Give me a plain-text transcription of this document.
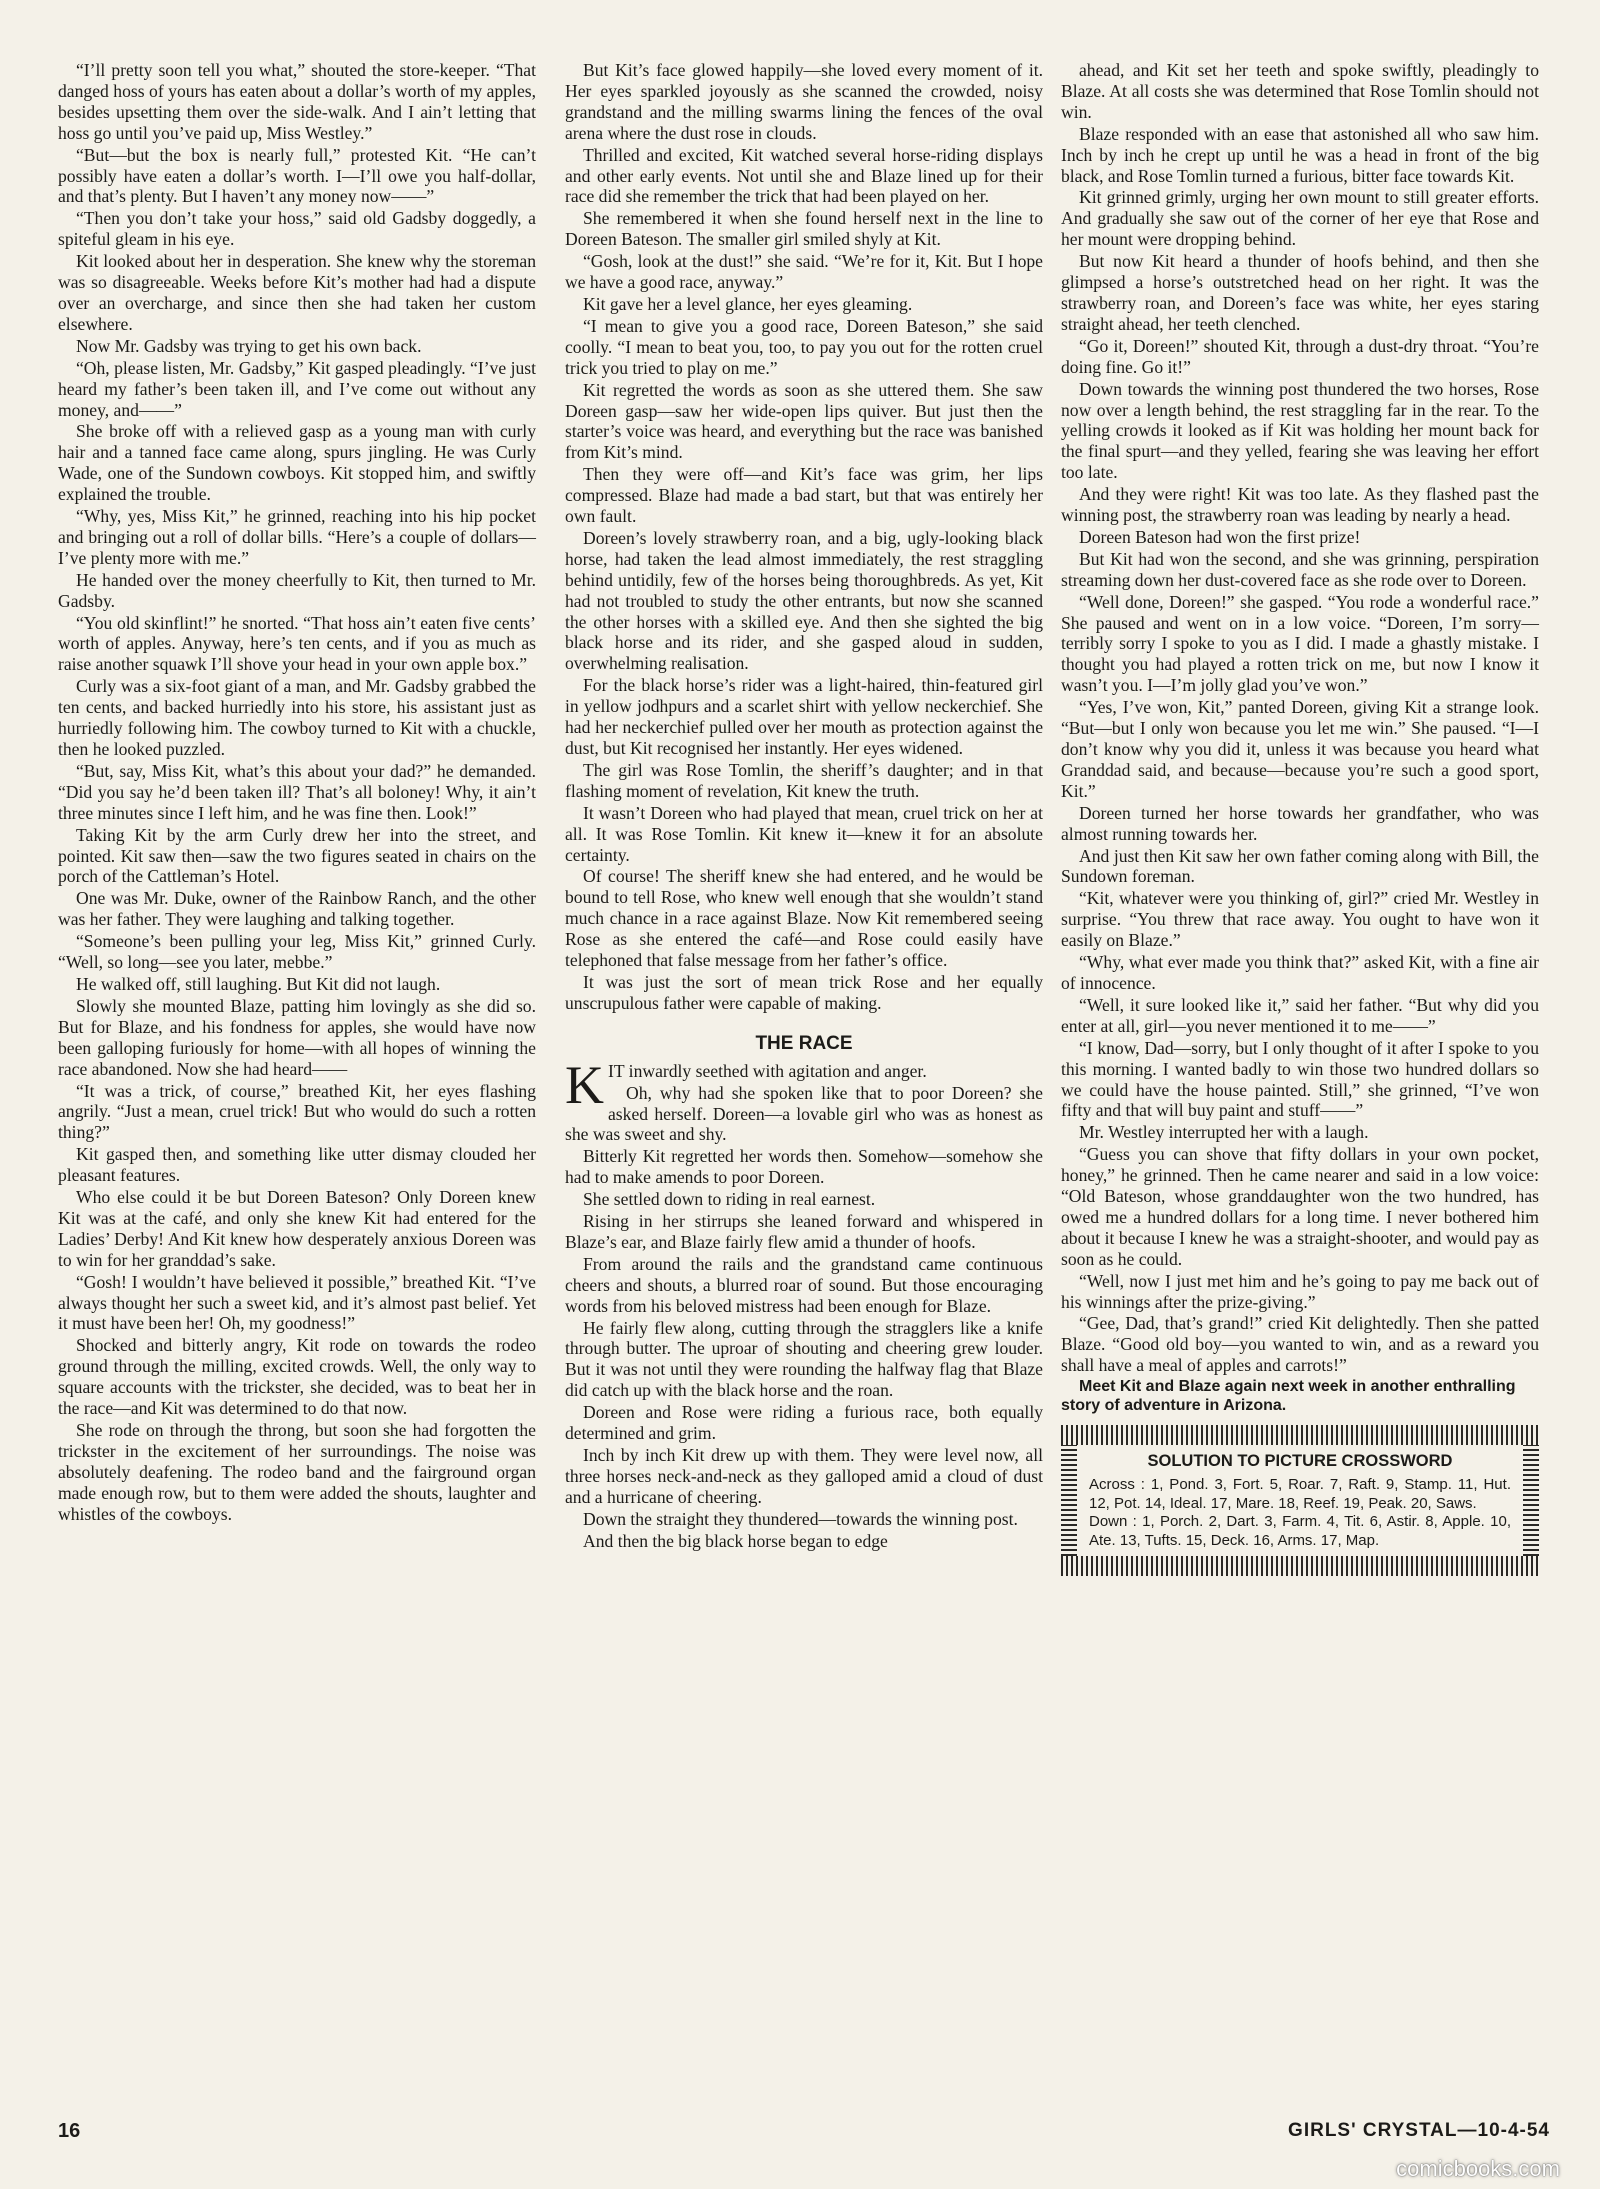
“I’ll pretty soon tell you what,” shouted the store-keeper. “That danged hoss of yours has eaten about a dollar’s worth of my apples, besides upsetting them over the side-walk. And I ain’t letting that hoss go until you’ve paid up, Miss Westley.”

“But—but the box is nearly full,” protested Kit. “He can’t possibly have eaten a dollar’s worth. I—I’ll owe you half-dollar, and that’s plenty. But I haven’t any money now——”

“Then you don’t take your hoss,” said old Gadsby doggedly, a spiteful gleam in his eye.

Kit looked about her in desperation. She knew why the storeman was so disagreeable. Weeks before Kit’s mother had had a dispute over an overcharge, and since then she had taken her custom elsewhere.

Now Mr. Gadsby was trying to get his own back.

“Oh, please listen, Mr. Gadsby,” Kit gasped pleadingly. “I’ve just heard my father’s been taken ill, and I’ve come out without any money, and——”

She broke off with a relieved gasp as a young man with curly hair and a tanned face came along, spurs jingling. He was Curly Wade, one of the Sundown cowboys. Kit stopped him, and swiftly explained the trouble.

“Why, yes, Miss Kit,” he grinned, reaching into his hip pocket and bringing out a roll of dollar bills. “Here’s a couple of dollars—I’ve plenty more with me.”

He handed over the money cheerfully to Kit, then turned to Mr. Gadsby.

“You old skinflint!” he snorted. “That hoss ain’t eaten five cents’ worth of apples. Anyway, here’s ten cents, and if you as much as raise another squawk I’ll shove your head in your own apple box.”

Curly was a six-foot giant of a man, and Mr. Gadsby grabbed the ten cents, and backed hurriedly into his store, his assistant just as hurriedly following him. The cowboy turned to Kit with a chuckle, then he looked puzzled.

“But, say, Miss Kit, what’s this about your dad?” he demanded. “Did you say he’d been taken ill? That’s all boloney! Why, it ain’t three minutes since I left him, and he was fine then. Look!”

Taking Kit by the arm Curly drew her into the street, and pointed. Kit saw then—saw the two figures seated in chairs on the porch of the Cattleman’s Hotel.

One was Mr. Duke, owner of the Rainbow Ranch, and the other was her father. They were laughing and talking together.

“Someone’s been pulling your leg, Miss Kit,” grinned Curly. “Well, so long—see you later, mebbe.”

He walked off, still laughing. But Kit did not laugh.

Slowly she mounted Blaze, patting him lovingly as she did so. But for Blaze, and his fondness for apples, she would have now been galloping furiously for home—with all hopes of winning the race abandoned. Now she had heard——

“It was a trick, of course,” breathed Kit, her eyes flashing angrily. “Just a mean, cruel trick! But who would do such a rotten thing?”

Kit gasped then, and something like utter dismay clouded her pleasant features.

Who else could it be but Doreen Bateson? Only Doreen knew Kit was at the café, and only she knew Kit had entered for the Ladies’ Derby! And Kit knew how desperately anxious Doreen was to win for her granddad’s sake.

“Gosh! I wouldn’t have believed it possible,” breathed Kit. “I’ve always thought her such a sweet kid, and it’s almost past belief. Yet it must have been her! Oh, my goodness!”

Shocked and bitterly angry, Kit rode on towards the rodeo ground through the milling, excited crowds. Well, the only way to square accounts with the trickster, she decided, was to beat her in the race—and Kit was determined to do that now.

She rode on through the throng, but soon she had forgotten the trickster in the excitement of her surroundings. The noise was absolutely deafening. The rodeo band and the fairground organ made enough row, but to them were added the shouts, laughter and whistles of the cowboys.

But Kit’s face glowed happily—she loved every moment of it. Her eyes sparkled joyously as she scanned the crowded, noisy grandstand and the milling swarms lining the fences of the oval arena where the dust rose in clouds.

Thrilled and excited, Kit watched several horse-riding displays and other early events. Not until she and Blaze lined up for their race did she remember the trick that had been played on her.

She remembered it when she found herself next in the line to Doreen Bateson. The smaller girl smiled shyly at Kit.

“Gosh, look at the dust!” she said. “We’re for it, Kit. But I hope we have a good race, anyway.”

Kit gave her a level glance, her eyes gleaming.

“I mean to give you a good race, Doreen Bateson,” she said coolly. “I mean to beat you, too, to pay you out for the rotten cruel trick you tried to play on me.”

Kit regretted the words as soon as she uttered them. She saw Doreen gasp—saw her wide-open lips quiver. But just then the starter’s voice was heard, and everything but the race was banished from Kit’s mind.

Then they were off—and Kit’s face was grim, her lips compressed. Blaze had made a bad start, but that was entirely her own fault.

Doreen’s lovely strawberry roan, and a big, ugly-looking black horse, had taken the lead almost immediately, the rest straggling behind untidily, few of the horses being thoroughbreds. As yet, Kit had not troubled to study the other entrants, but now she scanned the other horses with a skilled eye. And then she sighted the big black horse and its rider, and she gasped aloud in sudden, overwhelming realisation.

For the black horse’s rider was a light-haired, thin-featured girl in yellow jodhpurs and a scarlet shirt with yellow neckerchief. She had her neckerchief pulled over her mouth as protection against the dust, but Kit recognised her instantly. Her eyes widened.

The girl was Rose Tomlin, the sheriff’s daughter; and in that flashing moment of revelation, Kit knew the truth.

It wasn’t Doreen who had played that mean, cruel trick on her at all. It was Rose Tomlin. Kit knew it—knew it for an absolute certainty.

Of course! The sheriff knew she had entered, and he would be bound to tell Rose, who knew well enough that she wouldn’t stand much chance in a race against Blaze. Now Kit remembered seeing Rose as she entered the café—and Rose could easily have telephoned that false message from her father’s office.

It was just the sort of mean trick Rose and her equally unscrupulous father were capable of making.

THE RACE

KIT inwardly seethed with agitation and anger.

Oh, why had she spoken like that to poor Doreen? she asked herself. Doreen—a lovable girl who was as honest as she was sweet and shy.

Bitterly Kit regretted her words then. Somehow—somehow she had to make amends to poor Doreen.

She settled down to riding in real earnest.

Rising in her stirrups she leaned forward and whispered in Blaze’s ear, and Blaze fairly flew amid a thunder of hoofs.

From around the rails and the grandstand came continuous cheers and shouts, a blurred roar of sound. But those encouraging words from his beloved mistress had been enough for Blaze.

He fairly flew along, cutting through the stragglers like a knife through butter. The uproar of shouting and cheering grew louder. But it was not until they were rounding the halfway flag that Blaze did catch up with the black horse and the roan.

Doreen and Rose were riding a furious race, both equally determined and grim.

Inch by inch Kit drew up with them. They were level now, all three horses neck-and-neck as they galloped amid a cloud of dust and a hurricane of cheering.

Down the straight they thundered—towards the winning post.

And then the big black horse began to edge

ahead, and Kit set her teeth and spoke swiftly, pleadingly to Blaze. At all costs she was determined that Rose Tomlin should not win.

Blaze responded with an ease that astonished all who saw him. Inch by inch he crept up until he was a head in front of the big black, and Rose Tomlin turned a furious, bitter face towards Kit.

Kit grinned grimly, urging her own mount to still greater efforts. And gradually she saw out of the corner of her eye that Rose and her mount were dropping behind.

But now Kit heard a thunder of hoofs behind, and then she glimpsed a horse’s outstretched head on her right. It was the strawberry roan, and Doreen’s face was white, her eyes staring straight ahead, her teeth clenched.

“Go it, Doreen!” shouted Kit, through a dust-dry throat. “You’re doing fine. Go it!”

Down towards the winning post thundered the two horses, Rose now over a length behind, the rest straggling far in the rear. To the yelling crowds it looked as if Kit was holding her mount back for the final spurt—and they yelled, fearing she was leaving her effort too late.

And they were right! Kit was too late. As they flashed past the winning post, the strawberry roan was leading by nearly a head.

Doreen Bateson had won the first prize!

But Kit had won the second, and she was grinning, perspiration streaming down her dust-covered face as she rode over to Doreen.

“Well done, Doreen!” she gasped. “You rode a wonderful race.” She paused and went on in a low voice. “Doreen, I’m sorry—terribly sorry I spoke to you as I did. I made a ghastly mistake. I thought you had played a rotten trick on me, but now I know it wasn’t you. I—I’m jolly glad you’ve won.”

“Yes, I’ve won, Kit,” panted Doreen, giving Kit a strange look. “But—but I only won because you let me win.” She paused. “I—I don’t know why you did it, unless it was because you heard what Granddad said, and because—because you’re such a good sport, Kit.”

Doreen turned her horse towards her grandfather, who was almost running towards her.

And just then Kit saw her own father coming along with Bill, the Sundown foreman.

“Kit, whatever were you thinking of, girl?” cried Mr. Westley in surprise. “You threw that race away. You ought to have won it easily on Blaze.”

“Why, what ever made you think that?” asked Kit, with a fine air of innocence.

“Well, it sure looked like it,” said her father. “But why did you enter at all, girl—you never mentioned it to me——”

“I know, Dad—sorry, but I only thought of it after I spoke to you this morning. I wanted badly to win those two hundred dollars so we could have the house painted. Still,” she grinned, “I’ve won fifty and that will buy paint and stuff——”

Mr. Westley interrupted her with a laugh.

“Guess you can shove that fifty dollars in your own pocket, honey,” he grinned. Then he came nearer and said in a low voice: “Old Bateson, whose granddaughter won the two hundred, has owed me a hundred dollars for a long time. I never bothered him about it because I knew he was a straight-shooter, and would pay as soon as he could.

“Well, now I just met him and he’s going to pay me back out of his winnings after the prize-giving.”

“Gee, Dad, that’s grand!” cried Kit delightedly. Then she patted Blaze. “Good old boy—you wanted to win, and as a reward you shall have a meal of apples and carrots!”

Meet Kit and Blaze again next week in another enthralling story of adventure in Arizona.

SOLUTION TO PICTURE CROSSWORD
Across : 1, Pond. 3, Fort. 5, Roar. 7, Raft. 9, Stamp. 11, Hut. 12, Pot. 14, Ideal. 17, Mare. 18, Reef. 19, Peak. 20, Saws.
Down : 1, Porch. 2, Dart. 3, Farm. 4, Tit. 6, Astir. 8, Apple. 10, Ate. 13, Tufts. 15, Deck. 16, Arms. 17, Map.
16	GIRLS' CRYSTAL—10-4-54
comicbooks.com
